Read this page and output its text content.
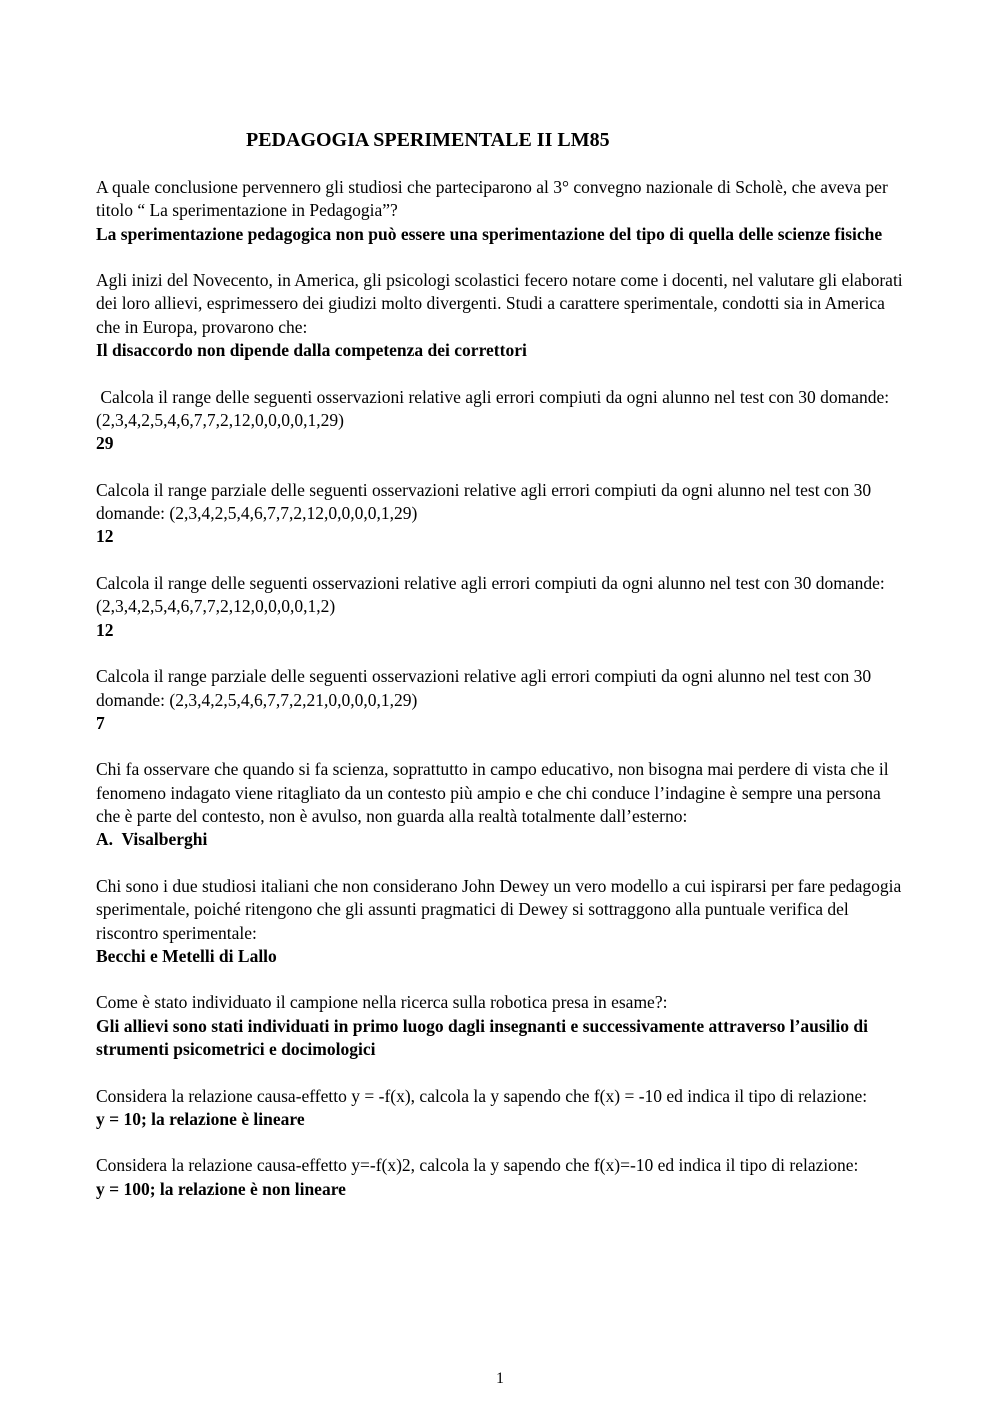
PEDAGOGIA SPERIMENTALE II LM85

A quale conclusione pervennero gli studiosi che parteciparono al 3° convegno nazionale di Scholè, che aveva per titolo “ La sperimentazione in Pedagogia”?

La sperimentazione pedagogica non può essere una sperimentazione del tipo di quella delle scienze fisiche

Agli inizi del Novecento, in America, gli psicologi scolastici fecero notare come i docenti, nel valutare gli elaborati dei loro allievi, esprimessero dei giudizi molto divergenti. Studi a carattere sperimentale, condotti sia in America che in Europa, provarono che:

Il disaccordo non dipende dalla competenza dei correttori

Calcola il range delle seguenti osservazioni relative agli errori compiuti da ogni alunno nel test con 30 domande: (2,3,4,2,5,4,6,7,7,2,12,0,0,0,0,1,29)

29

Calcola il range parziale delle seguenti osservazioni relative agli errori compiuti da ogni alunno nel test con 30 domande: (2,3,4,2,5,4,6,7,7,2,12,0,0,0,0,1,29)

12

Calcola il range delle seguenti osservazioni relative agli errori compiuti da ogni alunno nel test con 30 domande: (2,3,4,2,5,4,6,7,7,2,12,0,0,0,0,1,2)

12

Calcola il range parziale delle seguenti osservazioni relative agli errori compiuti da ogni alunno nel test con 30 domande: (2,3,4,2,5,4,6,7,7,2,21,0,0,0,0,1,29)

7

Chi fa osservare che quando si fa scienza, soprattutto in campo educativo, non bisogna mai perdere di vista che il fenomeno indagato viene ritagliato da un contesto più ampio e che chi conduce l’indagine è sempre una persona che è parte del contesto, non è avulso, non guarda alla realtà totalmente dall’esterno:

A.  Visalberghi

Chi sono i due studiosi italiani che non considerano John Dewey un vero modello a cui ispirarsi per fare pedagogia sperimentale, poiché ritengono che gli assunti pragmatici di Dewey si sottraggono alla puntuale verifica del riscontro sperimentale:

Becchi e Metelli di Lallo

Come è stato individuato il campione nella ricerca sulla robotica presa in esame?:

Gli allievi sono stati individuati in primo luogo dagli insegnanti e successivamente attraverso l’ausilio di strumenti psicometrici e docimologici

Considera la relazione causa-effetto y = -f(x), calcola la y sapendo che f(x) = -10 ed indica il tipo di relazione:

y = 10; la relazione è lineare

Considera la relazione causa-effetto y=-f(x)2, calcola la y sapendo che f(x)=-10 ed indica il tipo di relazione:

y = 100; la relazione è non lineare

1
